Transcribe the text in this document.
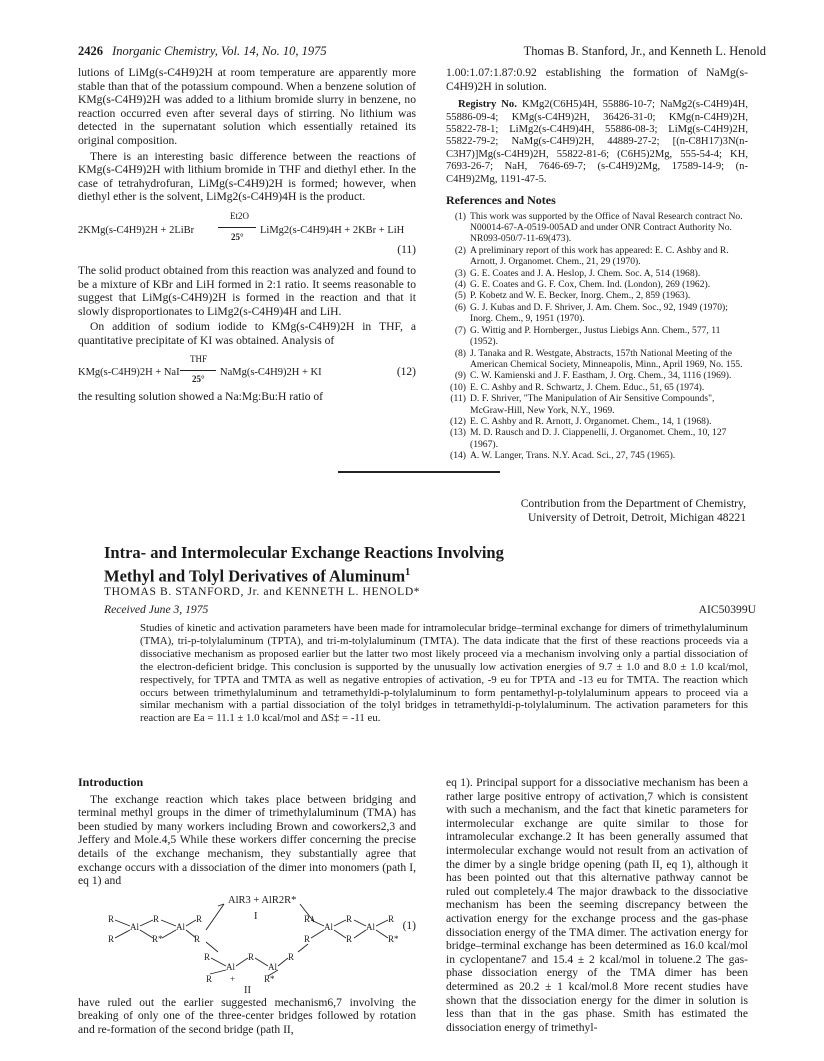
2426 Inorganic Chemistry, Vol. 14, No. 10, 1975	Thomas B. Stanford, Jr., and Kenneth L. Henold

lutions of LiMg(s-C4H9)2H at room temperature are apparently more stable than that of the potassium compound. When a benzene solution of KMg(s-C4H9)2H was added to a lithium bromide slurry in benzene, no reaction occurred even after several days of stirring. No lithium was detected in the supernatant solution which essentially retained its original composition.

There is an interesting basic difference between the reactions of KMg(s-C4H9)2H with lithium bromide in THF and diethyl ether. In the case of tetrahydrofuran, LiMg(s-C4H9)2H is formed; however, when diethyl ether is the solvent, LiMg2(s-C4H9)4H is the product.

2KMg(s-C4H9)2H + 2LiBr
Et2O
25°
LiMg2(s-C4H9)4H + 2KBr + LiH
(11)

The solid product obtained from this reaction was analyzed and found to be a mixture of KBr and LiH formed in 2:1 ratio. It seems reasonable to suggest that LiMg(s-C4H9)2H is formed in the reaction and that it slowly disproportionates to LiMg2(s-C4H9)4H and LiH.

On addition of sodium iodide to KMg(s-C4H9)2H in THF, a quantitative precipitate of KI was obtained. Analysis of

KMg(s-C4H9)2H + NaI
THF
25°
NaMg(s-C4H9)2H + KI	(12)

the resulting solution showed a Na:Mg:Bu:H ratio of

1.00:1.07:1.87:0.92 establishing the formation of NaMg(s-C4H9)2H in solution.

Registry No. KMg2(C6H5)4H, 55886-10-7; NaMg2(s-C4H9)4H, 55886-09-4; KMg(s-C4H9)2H, 36426-31-0; KMg(n-C4H9)2H, 55822-78-1; LiMg2(s-C4H9)4H, 55886-08-3; LiMg(s-C4H9)2H, 55822-79-2; NaMg(s-C4H9)2H, 44889-27-2; [(n-C8H17)3N(n-C3H7)]Mg(s-C4H9)2H, 55822-81-6; (C6H5)2Mg, 555-54-4; KH, 7693-26-7; NaH, 7646-69-7; (s-C4H9)2Mg, 17589-14-9; (n-C4H9)2Mg, 1191-47-5.
References and Notes
(1) This work was supported by the Office of Naval Research contract No. N00014-67-A-0519-005AD and under ONR Contract Authority No. NR093-050/7-11-69(473).
(2) A preliminary report of this work has appeared: E. C. Ashby and R. Arnott, J. Organomet. Chem., 21, 29 (1970).
(3) G. E. Coates and J. A. Heslop, J. Chem. Soc. A, 514 (1968).
(4) G. E. Coates and G. F. Cox, Chem. Ind. (London), 269 (1962).
(5) P. Kobetz and W. E. Becker, Inorg. Chem., 2, 859 (1963).
(6) G. J. Kubas and D. F. Shriver, J. Am. Chem. Soc., 92, 1949 (1970); Inorg. Chem., 9, 1951 (1970).
(7) G. Wittig and P. Hornberger., Justus Liebigs Ann. Chem., 577, 11 (1952).
(8) J. Tanaka and R. Westgate, Abstracts, 157th National Meeting of the American Chemical Society, Minneapolis, Minn., April 1969, No. 155.
(9) C. W. Kamienski and J. F. Eastham, J. Org. Chem., 34, 1116 (1969).
(10) E. C. Ashby and R. Schwartz, J. Chem. Educ., 51, 65 (1974).
(11) D. F. Shriver, "The Manipulation of Air Sensitive Compounds", McGraw-Hill, New York, N.Y., 1969.
(12) E. C. Ashby and R. Arnott, J. Organomet. Chem., 14, 1 (1968).
(13) M. D. Rausch and D. J. Ciappenelli, J. Organomet. Chem., 10, 127 (1967).
(14) A. W. Langer, Trans. N.Y. Acad. Sci., 27, 745 (1965).
Contribution from the Department of Chemistry,
University of Detroit, Detroit, Michigan 48221
Intra- and Intermolecular Exchange Reactions Involving
Methyl and Tolyl Derivatives of Aluminum$^1$
THOMAS B. STANFORD, Jr. and KENNETH L. HENOLD*
Received June 3, 1975	AIC50399U
Studies of kinetic and activation parameters have been made for intramolecular bridge–terminal exchange for dimers of trimethylaluminum (TMA), tri-p-tolylaluminum (TPTA), and tri-m-tolylaluminum (TMTA). The data indicate that the first of these reactions proceeds via a dissociative mechanism as proposed earlier but the latter two most likely proceed via a mechanism involving only a partial dissociation of the electron-deficient bridge. This conclusion is supported by the unusually low activation energies of 9.7 ± 1.0 and 8.0 ± 1.0 kcal/mol, respectively, for TPTA and TMTA as well as negative entropies of activation, -9 eu for TPTA and -13 eu for TMTA. The reaction which occurs between trimethylaluminum and tetramethyldi-p-tolylaluminum to form pentamethyl-p-tolylaluminum appears to proceed via a similar mechanism with a partial dissociation of the tolyl bridges in tetramethyldi-p-tolylaluminum. The activation parameters for this reaction are Ea = 11.1 ± 1.0 kcal/mol and ΔS‡ = -11 eu.
Introduction

The exchange reaction which takes place between bridging and terminal methyl groups in the dimer of trimethylaluminum (TMA) has been studied by many workers including Brown and coworkers2,3 and Jeffery and Mole.4,5 While these workers differ concerning the precise details of the exchange mechanism, they substantially agree that exchange occurs with a dissociation of the dimer into monomers (path I, eq 1) and

R
Al
R
Al
R
R	R*	R
R
Al
R
Al
R
R	R	R*
R
Al
R
Al
R
R +	R*
AlR3 + AlR2R*
I
II
(1)

have ruled out the earlier suggested mechanism6,7 involving the breaking of only one of the three-center bridges followed by rotation and re-formation of the second bridge (path II,

eq 1). Principal support for a dissociative mechanism has been a rather large positive entropy of activation,7 which is consistent with such a mechanism, and the fact that kinetic parameters for intermolecular exchange are quite similar to those for intramolecular exchange.2 It has been generally assumed that intermolecular exchange would not result from an activation of the dimer by a single bridge opening (path II, eq 1), although it has been pointed out that this alternative pathway cannot be ruled out completely.4 The major drawback to the dissociative mechanism has been the seeming discrepancy between the activation energy for the exchange process and the gas-phase dissociation energy of the TMA dimer. The activation energy for bridge–terminal exchange has been determined as 16.0 kcal/mol in cyclopentane7 and 15.4 ± 2 kcal/mol in toluene.2 The gas-phase dissociation energy of the TMA dimer has been determined as 20.2 ± 1 kcal/mol.8 More recent studies have shown that the dissociation energy for the dimer in solution is less than that in the gas phase. Smith has estimated the dissociation energy of trimethyl-
